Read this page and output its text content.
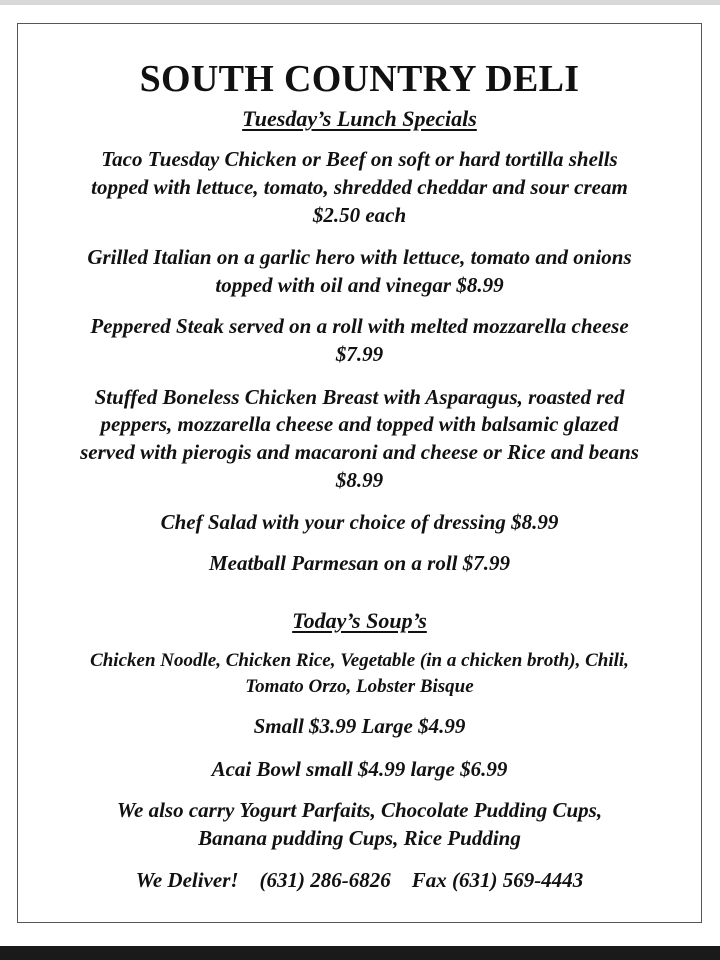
SOUTH COUNTRY DELI
Tuesday’s Lunch Specials
Taco Tuesday Chicken or Beef on soft or hard tortilla shells
topped with lettuce, tomato, shredded cheddar and sour cream
$2.50 each
Grilled Italian on a garlic hero with lettuce, tomato and onions
topped with oil and vinegar $8.99
Peppered Steak served on a roll with melted mozzarella cheese
$7.99
Stuffed Boneless Chicken Breast with Asparagus, roasted red
peppers, mozzarella cheese and topped with balsamic glazed
served with pierogis and macaroni and cheese or Rice and beans
$8.99
Chef Salad with your choice of dressing $8.99
Meatball Parmesan on a roll $7.99
Today’s Soup’s
Chicken Noodle, Chicken Rice, Vegetable (in a chicken broth), Chili,
Tomato Orzo, Lobster Bisque
Small $3.99 Large $4.99
Acai Bowl small $4.99 large $6.99
We also carry Yogurt Parfaits, Chocolate Pudding Cups,
Banana pudding Cups, Rice Pudding
We Deliver! (631) 286-6826 Fax (631) 569-4443
